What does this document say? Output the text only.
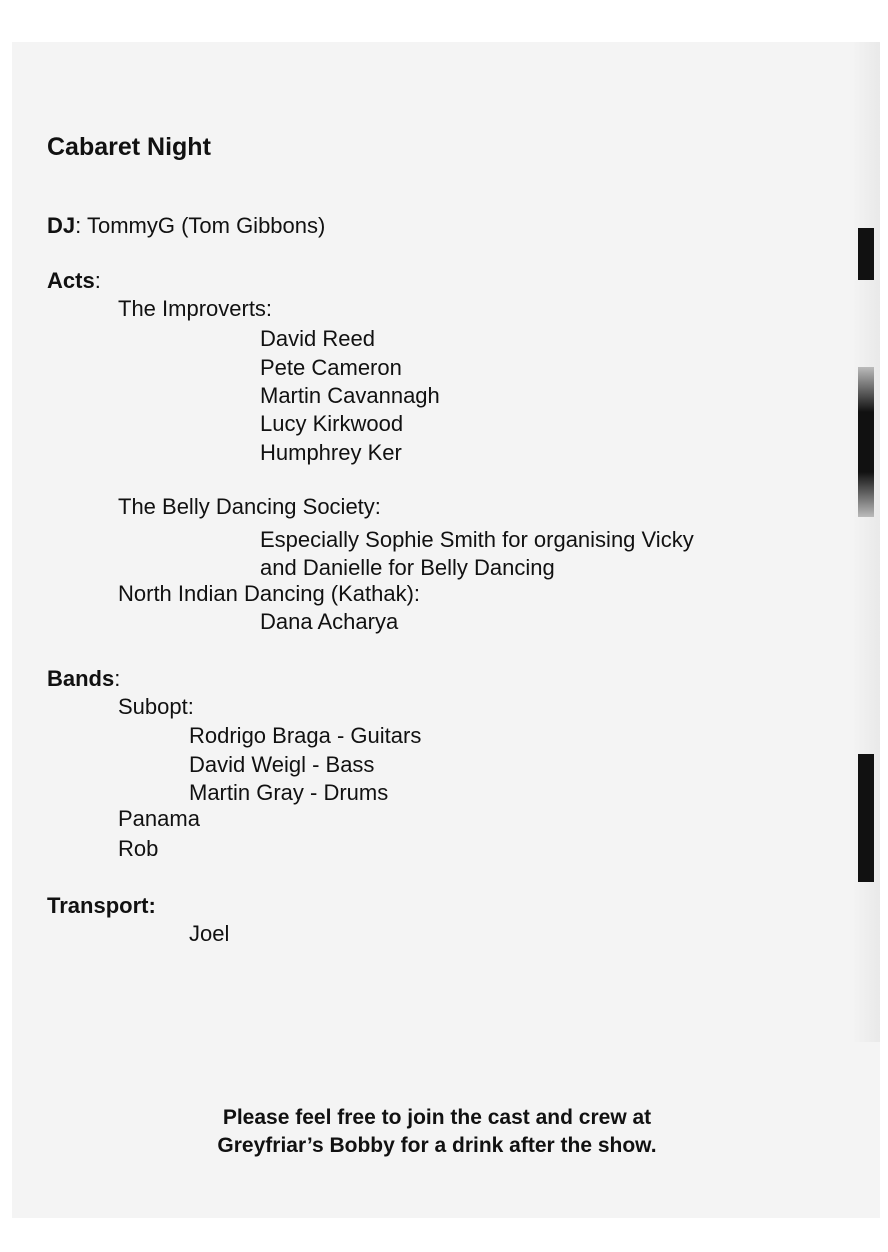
Cabaret Night
DJ: TommyG (Tom Gibbons)
Acts:
The Improverts:
David Reed
Pete Cameron
Martin Cavannagh
Lucy Kirkwood
Humphrey Ker
The Belly Dancing Society:
Especially Sophie Smith for organising Vicky
and Danielle for Belly Dancing
North Indian Dancing (Kathak):
Dana Acharya
Bands:
Subopt:
Rodrigo Braga - Guitars
David Weigl - Bass
Martin Gray - Drums
Panama
Rob
Transport:
Joel
Please feel free to join the cast and crew at
Greyfriar’s Bobby for a drink after the show.
